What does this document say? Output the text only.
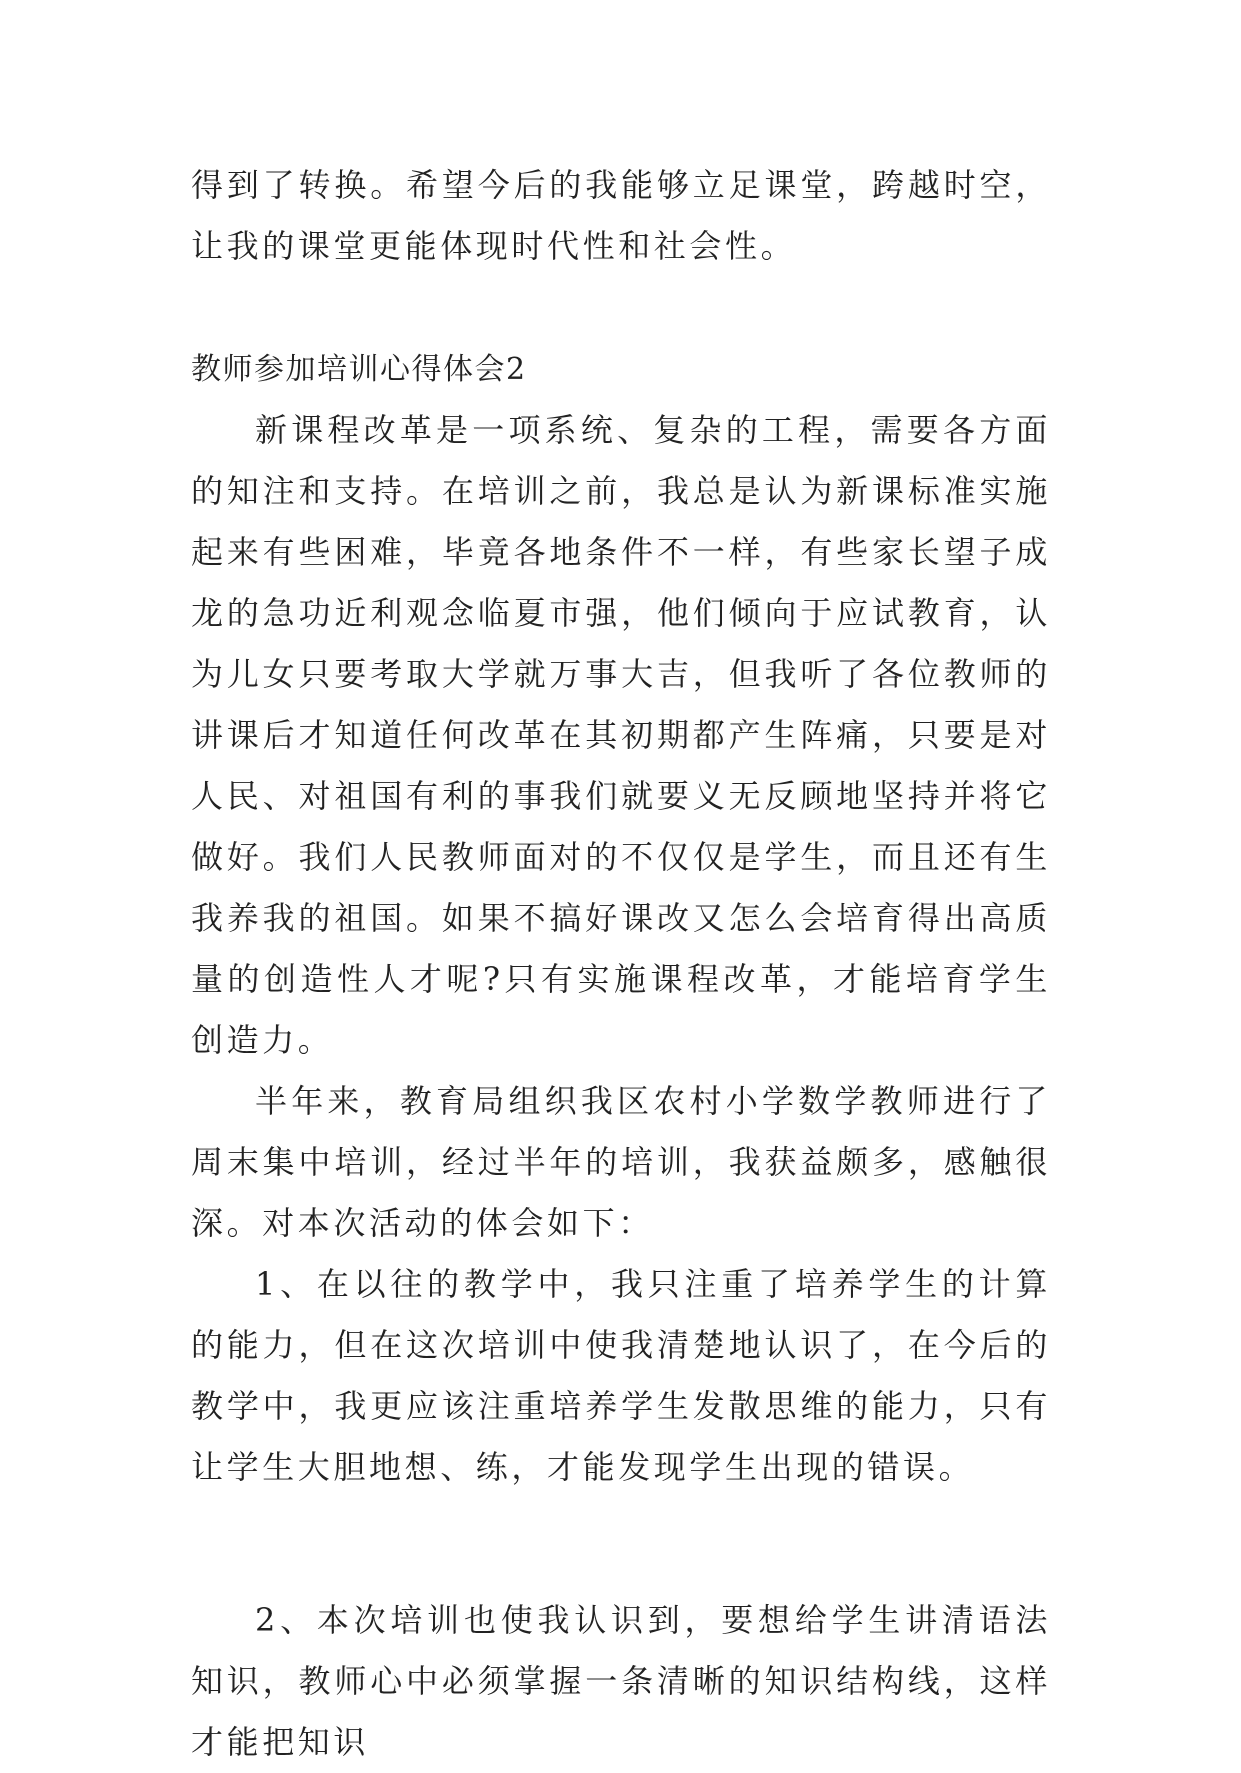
得到了转换。希望今后的我能够立足课堂，跨越时空，让我的课堂更能体现时代性和社会性。

教师参加培训心得体会2

新课程改革是一项系统、复杂的工程，需要各方面的知注和支持。在培训之前，我总是认为新课标准实施起来有些困难，毕竟各地条件不一样，有些家长望子成龙的急功近利观念临夏市强，他们倾向于应试教育，认为儿女只要考取大学就万事大吉，但我听了各位教师的讲课后才知道任何改革在其初期都产生阵痛，只要是对人民、对祖国有利的事我们就要义无反顾地坚持并将它做好。我们人民教师面对的不仅仅是学生，而且还有生我养我的祖国。如果不搞好课改又怎么会培育得出高质量的创造性人才呢?只有实施课程改革，才能培育学生创造力。

半年来，教育局组织我区农村小学数学教师进行了周末集中培训，经过半年的培训，我获益颇多，感触很深。对本次活动的体会如下：

1、在以往的教学中，我只注重了培养学生的计算的能力，但在这次培训中使我清楚地认识了，在今后的教学中，我更应该注重培养学生发散思维的能力，只有让学生大胆地想、练，才能发现学生出现的错误。

2、本次培训也使我认识到，要想给学生讲清语法知识，教师心中必须掌握一条清晰的知识结构线，这样才能把知识
